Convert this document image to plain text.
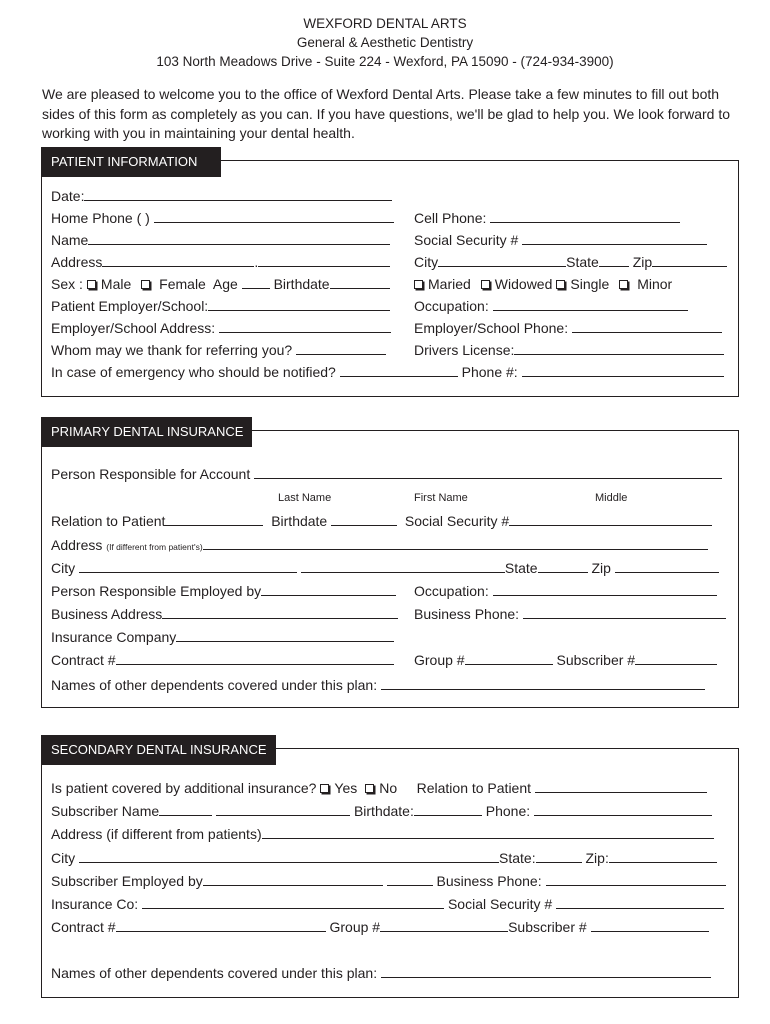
WEXFORD DENTAL ARTS
General & Aesthetic Dentistry
103 North Meadows Drive - Suite 224 - Wexford, PA 15090 - (724-934-3900)
We are pleased to welcome you to the office of Wexford Dental Arts. Please take a few minutes to fill out both sides of this form as completely as you can. If you have questions, we'll be glad to help you. We look forward to working with you in maintaining your dental health.
PATIENT INFORMATION
Date:
Home Phone ( )	Cell Phone:
Name	Social Security #
Address	.	City	State Zip
Sex : Male Female Age	Birthdate	Maried Widowed Single Minor
Patient Employer/School:	Occupation:
Employer/School Address:	Employer/School Phone:
Whom may we thank for referring you?	Drivers License:
In case of emergency who should be notified?	Phone #:
PRIMARY DENTAL INSURANCE
Person Responsible for Account
Last Name	First Name	Middle
Relation to Patient	Birthdate	Social Security #
Address (If different from patient's)
City	State	Zip
Person Responsible Employed by	Occupation:
Business Address	Business Phone:
Insurance Company
Contract #	Group #	Subscriber #
Names of other dependents covered under this plan:
SECONDARY DENTAL INSURANCE
Is patient covered by additional insurance? Yes No Relation to Patient
Subscriber Name	Birthdate:	Phone:
Address (if different from patients)
City	State:	Zip:
Subscriber Employed by	Business Phone:
Insurance Co:	Social Security #
Contract #	Group #	Subscriber #
Names of other dependents covered under this plan:
